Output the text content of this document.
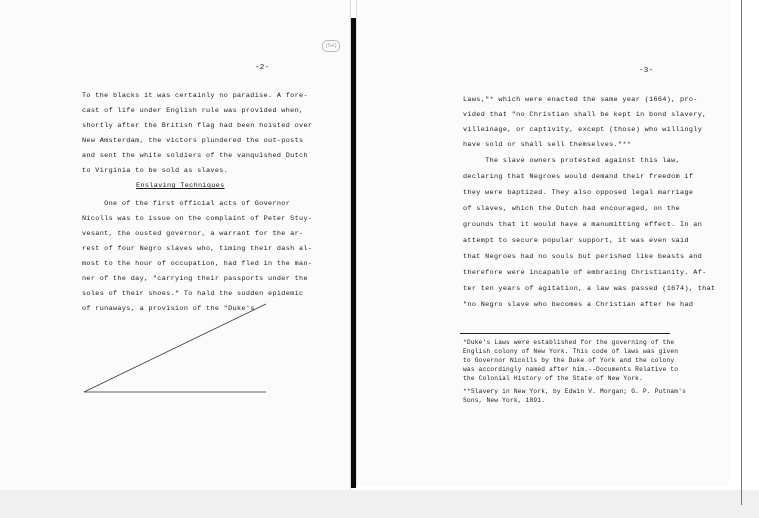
-2-
To the blacks it was certainly no paradise. A fore-
cast of life under English rule was provided when,
shortly after the British flag had been hoisted over
New Amsterdam, the victors plundered the out-posts
and sent the white soldiers of the vanquished Dutch
to Virginia to be sold as slaves.
Enslaving Techniques
One of the first official acts of Governor
Nicolls was to issue on the complaint of Peter Stuy-
vesant, the ousted governor, a warrant for the ar-
rest of four Negro slaves who, timing their dash al-
most to the hour of occupation, had fled in the man-
ner of the day, "carrying their passports under the
soles of their shoes." To hald the sudden epidemic
of runaways, a provision of the "Duke's
(54)
-3-
Laws,"* which were enacted the same year (1664), pro-
vided that "no Christian shall be kept in bond slavery,
villeinage, or captivity, except (those) who willingly
have sold or shall sell themselves."**
The slave owners protested against this law,
declaring that Negroes would demand their freedom if
they were baptized. They also opposed legal marriage
of slaves, which the Dutch had encouraged, on the
grounds that it would have a manumitting effect. In an
attempt to secure popular support, it was even said
that Negroes had no souls but perished like beasts and
therefore were incapable of embracing Christianity. Af-
ter ten years of agitation, a law was passed (1674), that
"no Negro slave who becomes a Christian after he had
*Duke's Laws were established for the governing of the
English colony of New York. This code of laws was given
to Governor Nicolls by the Duke of York and the colony
was accordingly named after him.--Documents Relative to
the Colonial History of the State of New York.
**Slavery in New York, by Edwin V. Morgan; G. P. Putnam's
Sons, New York, 1891.
